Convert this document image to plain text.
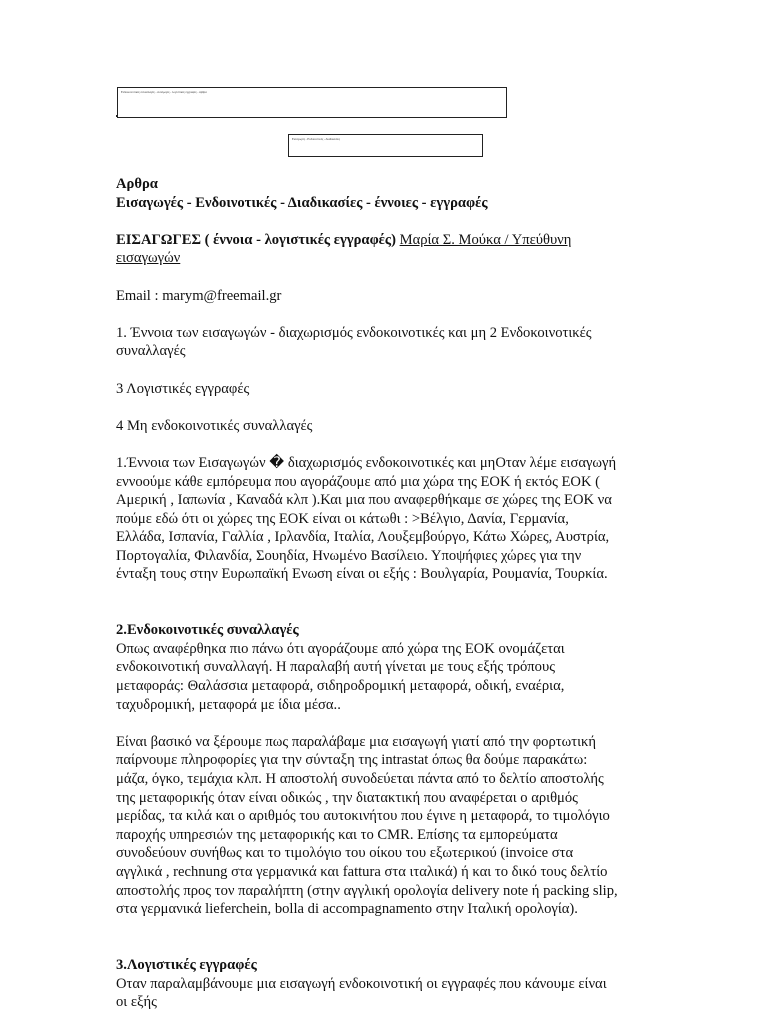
Ενδοκοινοτικές συναλλαγές - εισαγωγές - λογιστικές εγγραφές - άρθρα
Εισαγωγές - Ενδοινοτικές - Διαδικασίες

Αρθρα

Εισαγωγές - Ενδοινοτικές - Διαδικασίες - έννοιες - εγγραφές

ΕΙΣΑΓΩΓΕΣ ( έννοια - λογιστικές εγγραφές) Μαρία Σ. Μούκα / Υπεύθυνη

εισαγωγών

Email : marym@freemail.gr

1. Έννοια των εισαγωγών - διαχωρισμός ενδοκοινοτικές και μη 2 Ενδοκοινοτικές

συναλλαγές

3 Λογιστικές εγγραφές

4 Μη ενδοκοινοτικές συναλλαγές

1.Έννοια των Εισαγωγών � διαχωρισμός ενδοκοινοτικές και μηΟταν λέμε εισαγωγή

εννοούμε κάθε εμπόρευμα που αγοράζουμε από μια χώρα της ΕΟΚ ή εκτός ΕΟΚ (

Αμερική , Ιαπωνία , Καναδά κλπ ).Και μια που αναφερθήκαμε σε χώρες της ΕΟΚ να

πούμε εδώ ότι οι χώρες της ΕΟΚ είναι οι κάτωθι : >Βέλγιο, Δανία, Γερμανία,

Ελλάδα, Ισπανία, Γαλλία , Ιρλανδία, Ιταλία, Λουξεμβούργο, Κάτω Χώρες, Αυστρία,

Πορτογαλία, Φιλανδία, Σουηδία, Ηνωμένο Βασίλειο. Υποψήφιες χώρες για την

ένταξη τους στην Ευρωπαϊκή Ενωση είναι οι εξής : Βουλγαρία, Ρουμανία, Τουρκία.

2.Ενδοκοινοτικές συναλλαγές

Οπως αναφέρθηκα πιο πάνω ότι αγοράζουμε από χώρα της ΕΟΚ ονομάζεται

ενδοκοινοτική συναλλαγή. Η παραλαβή αυτή γίνεται με τους εξής τρόπους

μεταφοράς: Θαλάσσια μεταφορά, σιδηροδρομική μεταφορά, οδική, εναέρια,

ταχυδρομική, μεταφορά με ίδια μέσα..

Είναι βασικό να ξέρουμε πως παραλάβαμε μια εισαγωγή γιατί από την φορτωτική

παίρνουμε πληροφορίες για την σύνταξη της intrastat όπως θα δούμε παρακάτω:

μάζα, όγκο, τεμάχια κλπ. Η αποστολή συνοδεύεται πάντα από το δελτίο αποστολής

της μεταφορικής όταν είναι οδικώς , την διατακτική που αναφέρεται ο αριθμός

μερίδας, τα κιλά και ο αριθμός του αυτοκινήτου που έγινε η μεταφορά, το τιμολόγιο

παροχής υπηρεσιών της μεταφορικής και το CMR. Επίσης τα εμπορεύματα

συνοδεύουν συνήθως και το τιμολόγιο του οίκου του εξωτερικού (invoice στα

αγγλικά , rechnung στα γερμανικά και fattura στα ιταλικά) ή και το δικό τους δελτίο

αποστολής προς τον παραλήπτη (στην αγγλική ορολογία delivery note ή packing slip,

στα γερμανικά lieferchein, bolla di accompagnamento στην Ιταλική ορολογία).

3.Λογιστικές εγγραφές

Οταν παραλαμβάνουμε μια εισαγωγή ενδοκοινοτική οι εγγραφές που κάνουμε είναι

οι εξής
